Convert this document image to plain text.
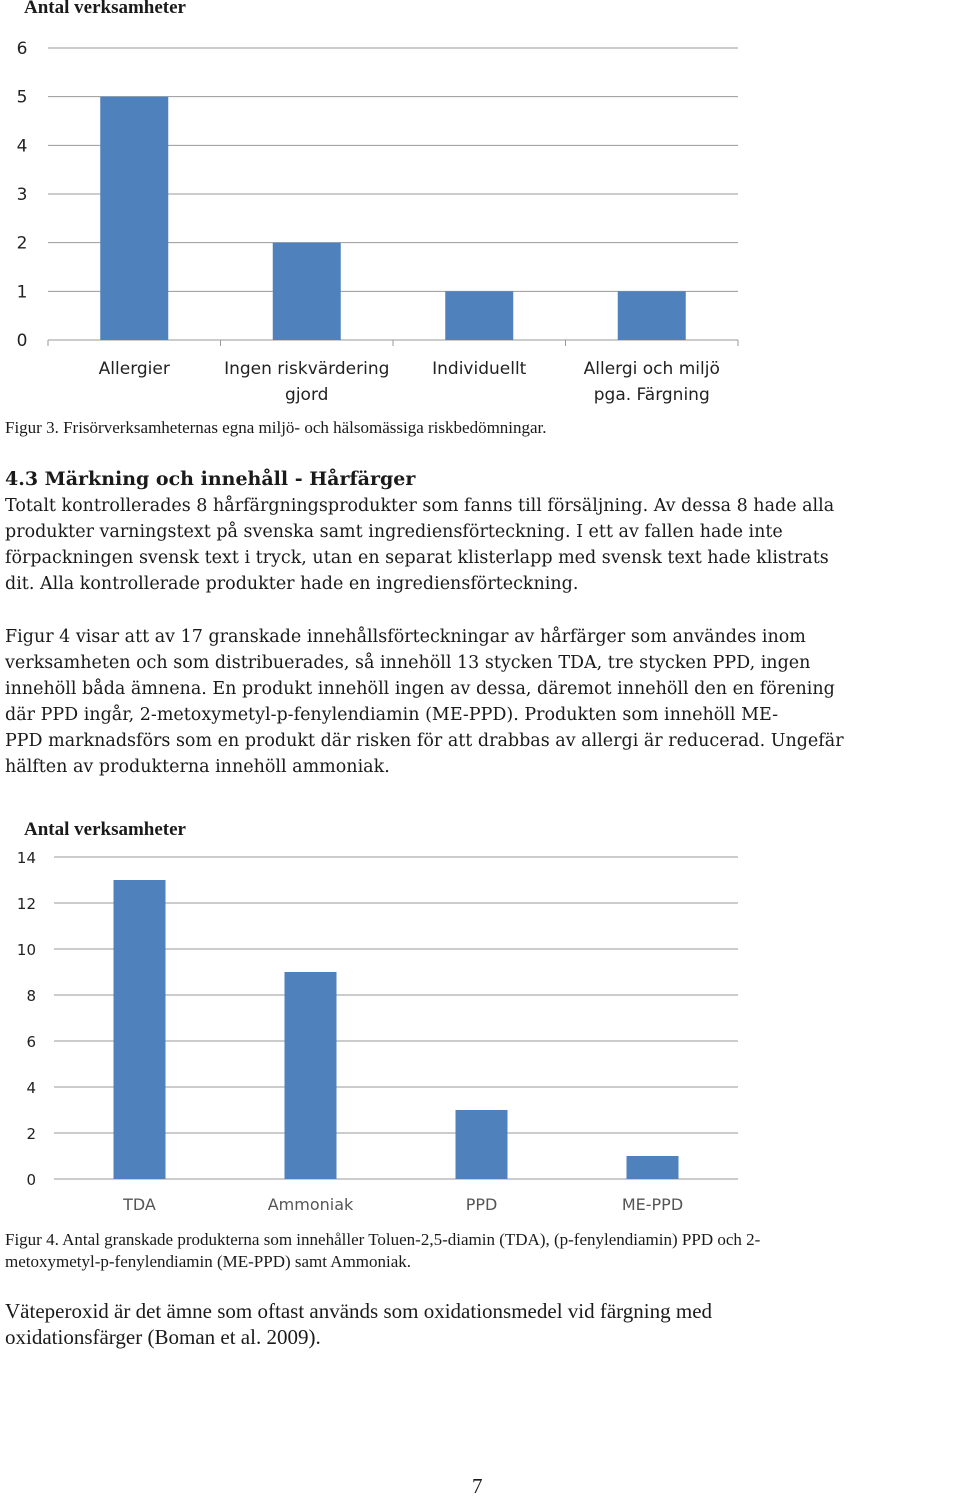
Antal verksamheter
0
1
2
3
4
5
6
Allergier	Ingen riskvärdering
gjord
Individuellt	Allergi och miljö
pga. Färgning
Figur 3. Frisörverksamheternas egna miljö- och hälsomässiga riskbedömningar.
4.3 Märkning och innehåll - Hårfärger
Totalt kontrollerades 8 hårfärgningsprodukter som fanns till försäljning. Av dessa 8 hade alla
produkter varningstext på svenska samt ingrediensförteckning. I ett av fallen hade inte
förpackningen svensk text i tryck, utan en separat klisterlapp med svensk text hade klistrats
dit. Alla kontrollerade produkter hade en ingrediensförteckning.
Figur 4 visar att av 17 granskade innehållsförteckningar av hårfärger som användes inom
verksamheten och som distribuerades, så innehöll 13 stycken TDA, tre stycken PPD, ingen
innehöll båda ämnena. En produkt innehöll ingen av dessa, däremot innehöll den en förening
där PPD ingår, 2-metoxymetyl-p-fenylendiamin (ME-PPD). Produkten som innehöll ME-
PPD marknadsförs som en produkt där risken för att drabbas av allergi är reducerad. Ungefär
hälften av produkterna innehöll ammoniak.
Antal verksamheter
0
2
4
6
8
10
12
14
TDA	Ammoniak	PPD	ME-PPD
Figur 4. Antal granskade produkterna som innehåller Toluen-2,5-diamin (TDA), (p-fenylendiamin) PPD och 2-
metoxymetyl-p-fenylendiamin (ME-PPD) samt Ammoniak.
Väteperoxid är det ämne som oftast används som oxidationsmedel vid färgning med
oxidationsfärger (Boman et al. 2009).
7
